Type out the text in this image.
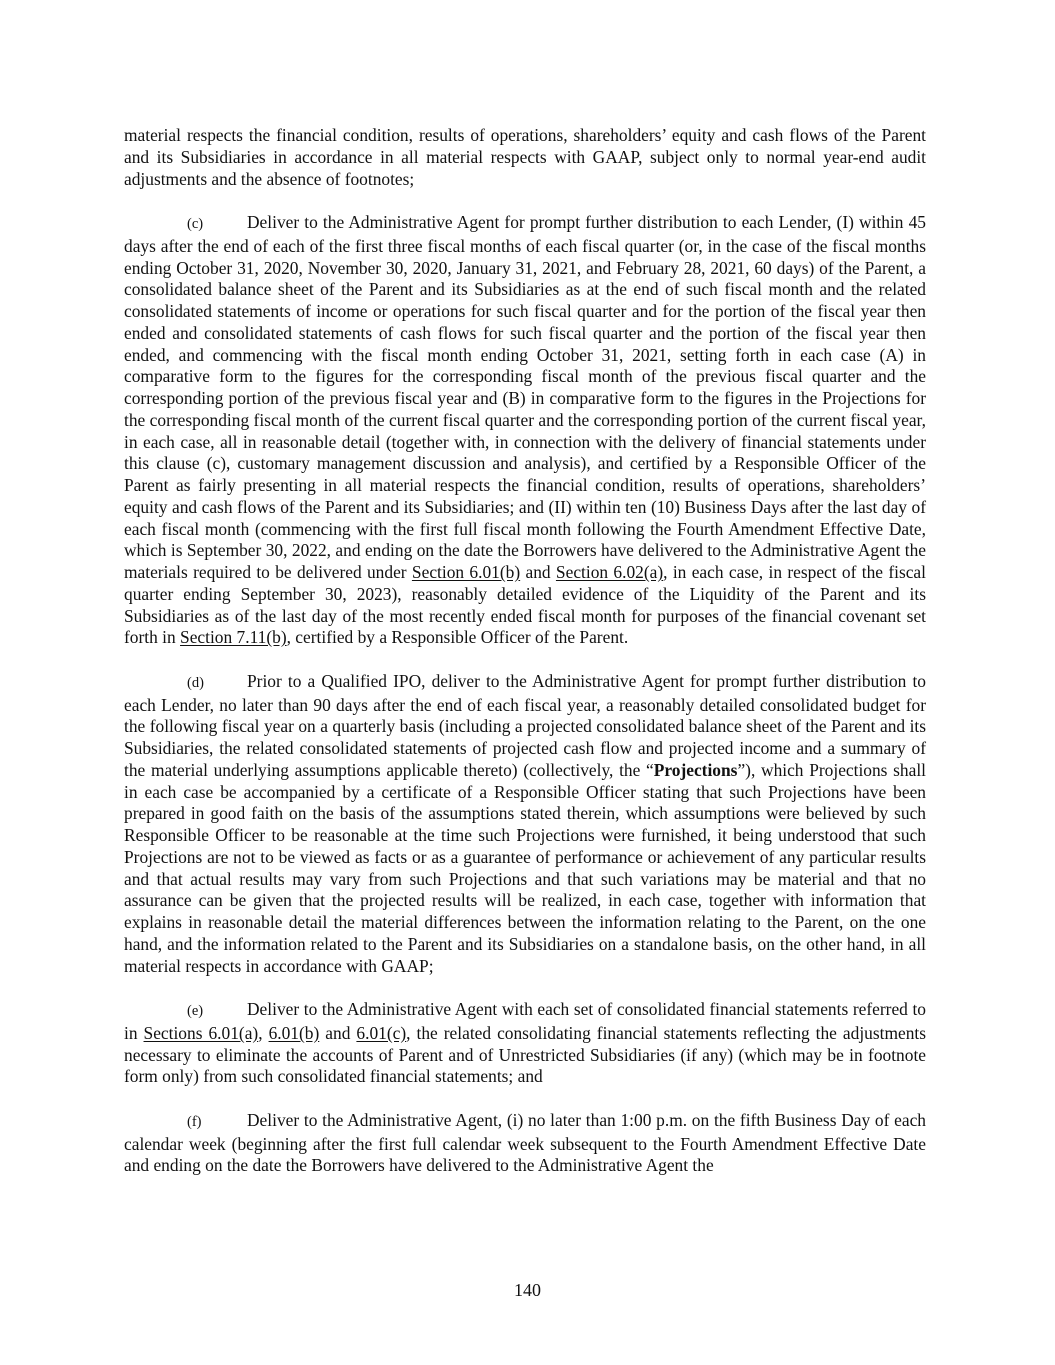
material respects the financial condition, results of operations, shareholders’ equity and cash flows of the Parent and its Subsidiaries in accordance in all material respects with GAAP, subject only to normal year-end audit adjustments and the absence of footnotes;

(c)	Deliver to the Administrative Agent for prompt further distribution to each Lender, (I) within 45 days after the end of each of the first three fiscal months of each fiscal quarter (or, in the case of the fiscal months ending October 31, 2020, November 30, 2020, January 31, 2021, and February 28, 2021, 60 days) of the Parent, a consolidated balance sheet of the Parent and its Subsidiaries as at the end of such fiscal month and the related consolidated statements of income or operations for such fiscal quarter and for the portion of the fiscal year then ended and consolidated statements of cash flows for such fiscal quarter and the portion of the fiscal year then ended, and commencing with the fiscal month ending October 31, 2021, setting forth in each case (A) in comparative form to the figures for the corresponding fiscal month of the previous fiscal quarter and the corresponding portion of the previous fiscal year and (B) in comparative form to the figures in the Projections for the corresponding fiscal month of the current fiscal quarter and the corresponding portion of the current fiscal year, in each case, all in reasonable detail (together with, in connection with the delivery of financial statements under this clause (c), customary management discussion and analysis), and certified by a Responsible Officer of the Parent as fairly presenting in all material respects the financial condition, results of operations, shareholders’ equity and cash flows of the Parent and its Subsidiaries; and (II) within ten (10) Business Days after the last day of each fiscal month (commencing with the first full fiscal month following the Fourth Amendment Effective Date, which is September 30, 2022, and ending on the date the Borrowers have delivered to the Administrative Agent the materials required to be delivered under Section 6.01(b) and Section 6.02(a), in each case, in respect of the fiscal quarter ending September 30, 2023), reasonably detailed evidence of the Liquidity of the Parent and its Subsidiaries as of the last day of the most recently ended fiscal month for purposes of the financial covenant set forth in Section 7.11(b), certified by a Responsible Officer of the Parent.

(d) Prior to a Qualified IPO, deliver to the Administrative Agent for prompt further distribution to each Lender, no later than 90 days after the end of each fiscal year, a reasonably detailed consolidated budget for the following fiscal year on a quarterly basis (including a projected consolidated balance sheet of the Parent and its Subsidiaries, the related consolidated statements of projected cash flow and projected income and a summary of the material underlying assumptions applicable thereto) (collectively, the “Projections”), which Projections shall in each case be accompanied by a certificate of a Responsible Officer stating that such Projections have been prepared in good faith on the basis of the assumptions stated therein, which assumptions were believed by such Responsible Officer to be reasonable at the time such Projections were furnished, it being understood that such Projections are not to be viewed as facts or as a guarantee of performance or achievement of any particular results and that actual results may vary from such Projections and that such variations may be material and that no assurance can be given that the projected results will be realized, in each case, together with information that explains in reasonable detail the material differences between the information relating to the Parent, on the one hand, and the information related to the Parent and its Subsidiaries on a standalone basis, on the other hand, in all material respects in accordance with GAAP;

(e)	Deliver to the Administrative Agent with each set of consolidated financial statements referred to in Sections 6.01(a), 6.01(b) and 6.01(c), the related consolidating financial statements reflecting the adjustments necessary to eliminate the accounts of Parent and of Unrestricted Subsidiaries (if any) (which may be in footnote form only) from such consolidated financial statements; and

(f)	Deliver to the Administrative Agent, (i) no later than 1:00 p.m. on the fifth Business Day of each calendar week (beginning after the first full calendar week subsequent to the Fourth Amendment Effective Date and ending on the date the Borrowers have delivered to the Administrative Agent the

140
